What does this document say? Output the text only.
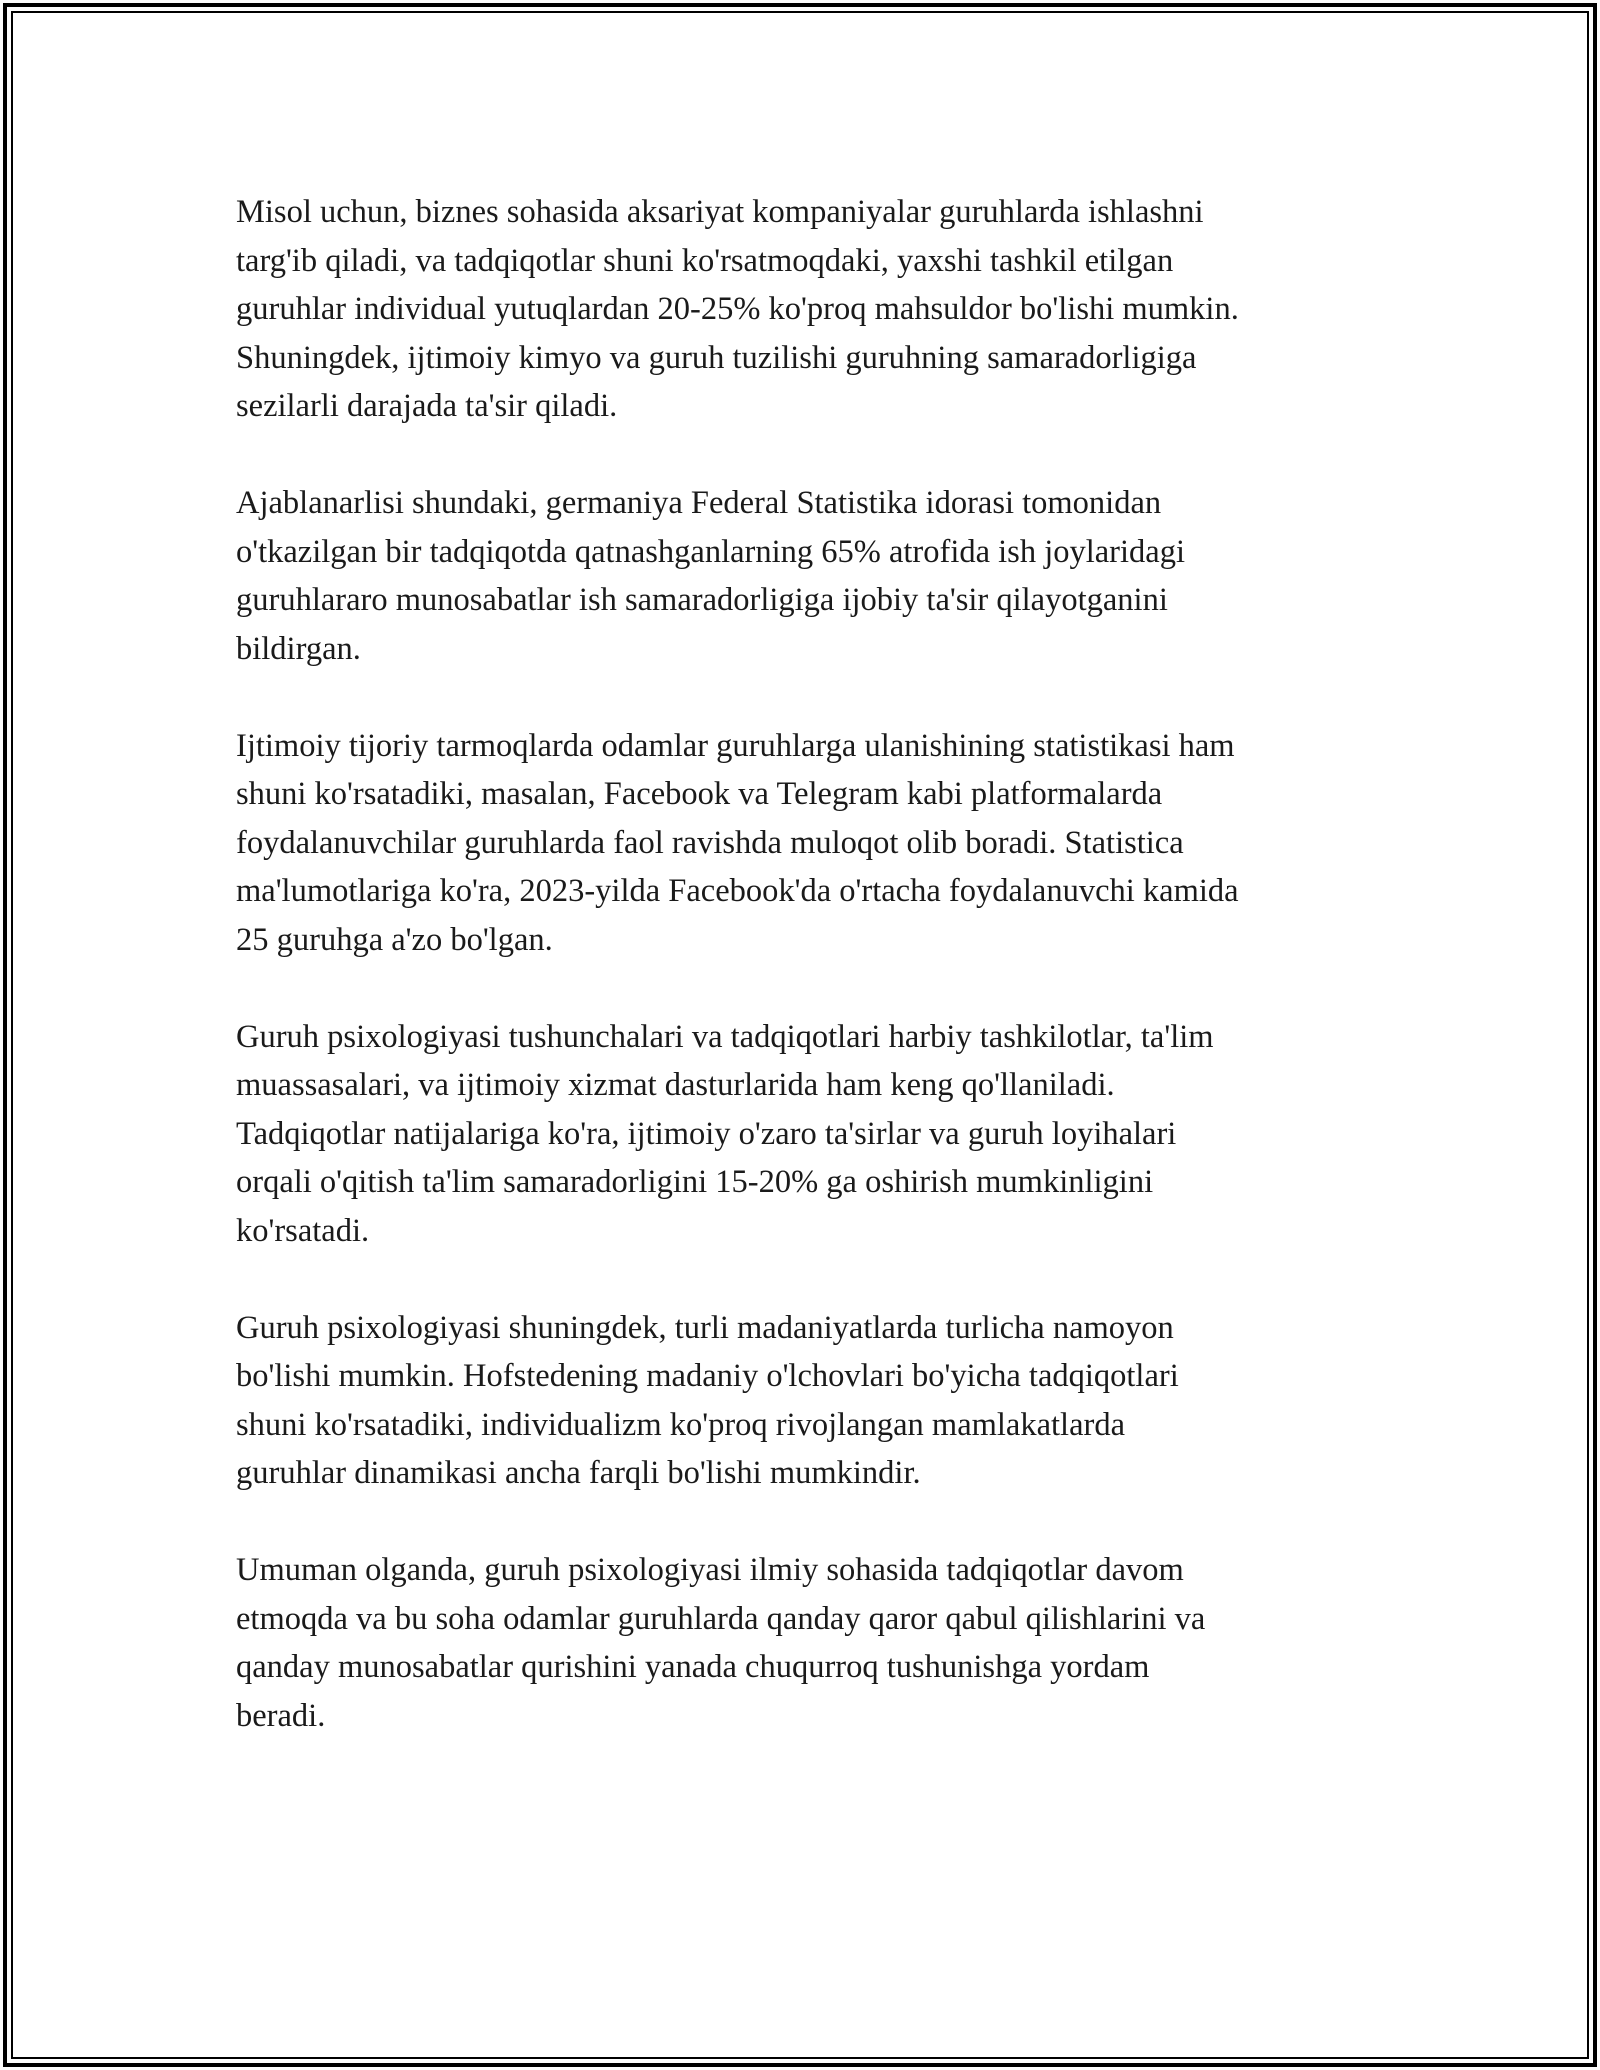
Misol uchun, biznes sohasida aksariyat kompaniyalar guruhlarda ishlashni
targ'ib qiladi, va tadqiqotlar shuni ko'rsatmoqdaki, yaxshi tashkil etilgan
guruhlar individual yutuqlardan 20-25% ko'proq mahsuldor bo'lishi mumkin.
Shuningdek, ijtimoiy kimyo va guruh tuzilishi guruhning samaradorligiga
sezilarli darajada ta'sir qiladi.

Ajablanarlisi shundaki, germaniya Federal Statistika idorasi tomonidan
o'tkazilgan bir tadqiqotda qatnashganlarning 65% atrofida ish joylaridagi
guruhlararo munosabatlar ish samaradorligiga ijobiy ta'sir qilayotganini
bildirgan.

Ijtimoiy tijoriy tarmoqlarda odamlar guruhlarga ulanishining statistikasi ham
shuni ko'rsatadiki, masalan, Facebook va Telegram kabi platformalarda
foydalanuvchilar guruhlarda faol ravishda muloqot olib boradi. Statistica
ma'lumotlariga ko'ra, 2023-yilda Facebook'da o'rtacha foydalanuvchi kamida
25 guruhga a'zo bo'lgan.

Guruh psixologiyasi tushunchalari va tadqiqotlari harbiy tashkilotlar, ta'lim
muassasalari, va ijtimoiy xizmat dasturlarida ham keng qo'llaniladi.
Tadqiqotlar natijalariga ko'ra, ijtimoiy o'zaro ta'sirlar va guruh loyihalari
orqali o'qitish ta'lim samaradorligini 15-20% ga oshirish mumkinligini
ko'rsatadi.

Guruh psixologiyasi shuningdek, turli madaniyatlarda turlicha namoyon
bo'lishi mumkin. Hofstedening madaniy o'lchovlari bo'yicha tadqiqotlari
shuni ko'rsatadiki, individualizm ko'proq rivojlangan mamlakatlarda
guruhlar dinamikasi ancha farqli bo'lishi mumkindir.

Umuman olganda, guruh psixologiyasi ilmiy sohasida tadqiqotlar davom
etmoqda va bu soha odamlar guruhlarda qanday qaror qabul qilishlarini va
qanday munosabatlar qurishini yanada chuqurroq tushunishga yordam
beradi.
